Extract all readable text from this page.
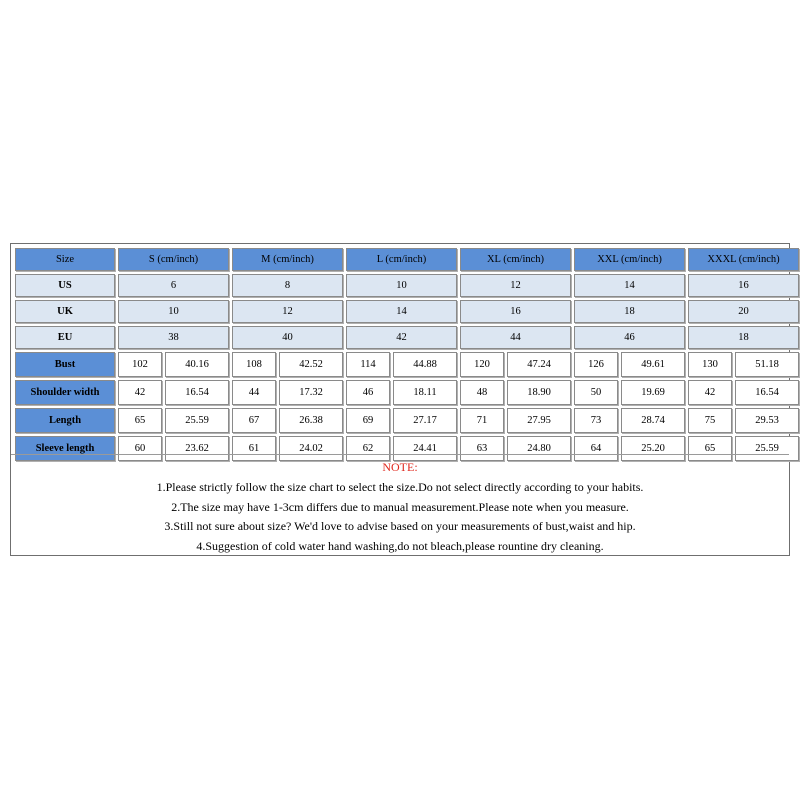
Size	S (cm/inch)		M (cm/inch)		L (cm/inch)		XL (cm/inch)		XXL (cm/inch)		XXXL (cm/inch)	
US	6		8		10		12		14		16	
UK	10		12		14		16		18		20	
EU	38		40		42		44		46		18	
Bust	102	40.16	108	42.52	114	44.88	120	47.24	126	49.61	130	51.18
Shoulder width	42	16.54	44	17.32	46	18.11	48	18.90	50	19.69	42	16.54
Length	65	25.59	67	26.38	69	27.17	71	27.95	73	28.74	75	29.53
Sleeve length	60	23.62	61	24.02	62	24.41	63	24.80	64	25.20	65	25.59
NOTE:
1.Please strictly follow the size chart to select the size.Do not select directly according to your habits.
2.The size may have 1-3cm differs due to manual measurement.Please note when you measure.
3.Still not sure about size? We'd love to advise based on your measurements of bust,waist and hip.
4.Suggestion of cold water hand washing,do not bleach,please rountine dry cleaning.
